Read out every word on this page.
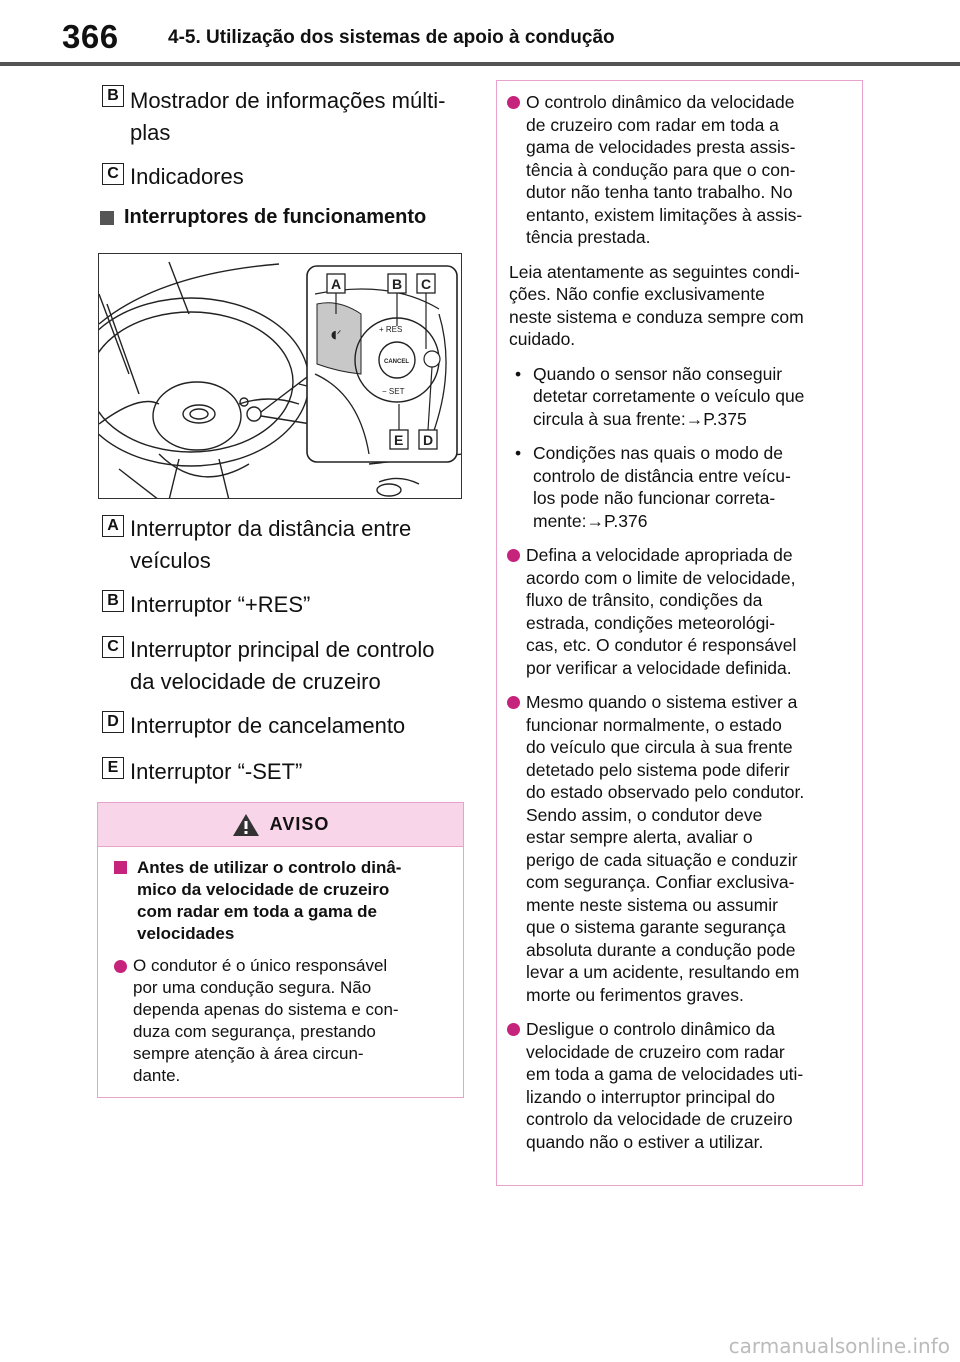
366	4-5. Utilização dos sistemas de apoio à condução
B Mostrador de informações múlti-
plas
C Indicadores
Interruptores de funcionamento
◖ᐟ	+ RES
− SET
CANCEL
A	B C
E D
A Interruptor da distância entre
veículos
B Interruptor “+RES”
C Interruptor principal de controlo
da velocidade de cruzeiro
D Interruptor de cancelamento
E Interruptor “-SET”
AVISO
Antes de utilizar o controlo dinâ-
mico da velocidade de cruzeiro
com radar em toda a gama de
velocidades
O condutor é o único responsável
por uma condução segura. Não
dependa apenas do sistema e con-
duza com segurança, prestando
sempre atenção à área circun-
dante.
O controlo dinâmico da velocidade
de cruzeiro com radar em toda a
gama de velocidades presta assis-
tência à condução para que o con-
dutor não tenha tanto trabalho. No
entanto, existem limitações à assis-
tência prestada.
Leia atentamente as seguintes condi-
ções. Não confie exclusivamente
neste sistema e conduza sempre com
cuidado.
• Quando o sensor não conseguir
detetar corretamente o veículo que
circula à sua frente:→P.375
• Condições nas quais o modo de
controlo de distância entre veícu-
los pode não funcionar correta-
mente:→P.376
Defina a velocidade apropriada de
acordo com o limite de velocidade,
fluxo de trânsito, condições da
estrada, condições meteorológi-
cas, etc. O condutor é responsável
por verificar a velocidade definida.
Mesmo quando o sistema estiver a
funcionar normalmente, o estado
do veículo que circula à sua frente
detetado pelo sistema pode diferir
do estado observado pelo condutor.
Sendo assim, o condutor deve
estar sempre alerta, avaliar o
perigo de cada situação e conduzir
com segurança. Confiar exclusiva-
mente neste sistema ou assumir
que o sistema garante segurança
absoluta durante a condução pode
levar a um acidente, resultando em
morte ou ferimentos graves.
Desligue o controlo dinâmico da
velocidade de cruzeiro com radar
em toda a gama de velocidades uti-
lizando o interruptor principal do
controlo da velocidade de cruzeiro
quando não o estiver a utilizar.
carmanualsonline.info
